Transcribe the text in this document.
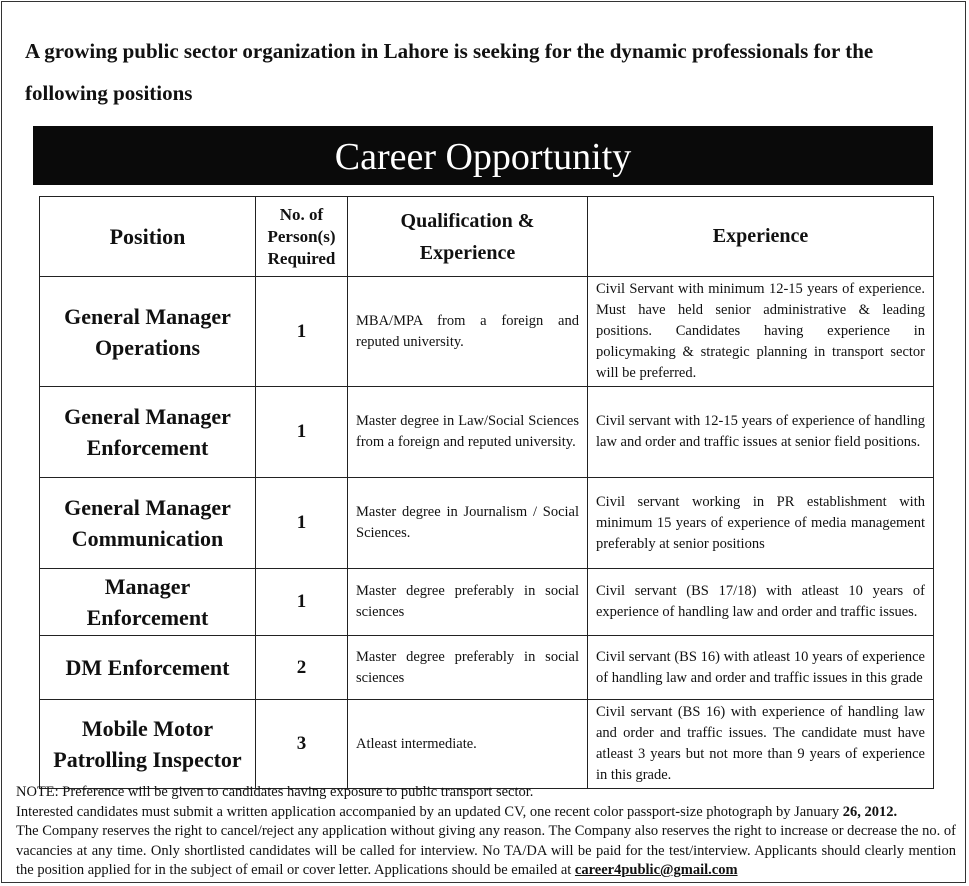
A growing public sector organization in Lahore is seeking for the dynamic professionals for the following positions
Career Opportunity
Position	No. of Person(s) Required	Qualification & Experience	Experience
General Manager Operations	1	MBA/MPA from a foreign and reputed university.	Civil Servant with minimum 12-15 years of experience. Must have held senior administrative & leading positions. Candidates having experience in policymaking & strategic planning in transport sector will be preferred.
General Manager Enforcement	1	Master degree in Law/Social Sciences from a foreign and reputed university.	Civil servant with 12-15 years of experience of handling law and order and traffic issues at senior field positions.
General Manager Communication	1	Master degree in Journalism / Social Sciences.	Civil servant working in PR establishment with minimum 15 years of experience of media management preferably at senior positions
Manager Enforcement	1	Master degree preferably in social sciences	Civil servant (BS 17/18) with atleast 10 years of experience of handling law and order and traffic issues.
DM Enforcement	2	Master degree preferably in social sciences	Civil servant (BS 16) with atleast 10 years of experience of handling law and order and traffic issues in this grade
Mobile Motor Patrolling Inspector	3	Atleast intermediate.	Civil servant (BS 16) with experience of handling law and order and traffic issues. The candidate must have atleast 3 years but not more than 9 years of experience in this grade.
NOTE: Preference will be given to candidates having exposure to public transport sector.
Interested candidates must submit a written application accompanied by an updated CV, one recent color passport-size photograph by January 26, 2012.
The Company reserves the right to cancel/reject any application without giving any reason. The Company also reserves the right to increase or decrease the no. of vacancies at any time. Only shortlisted candidates will be called for interview. No TA/DA will be paid for the test/interview. Applicants should clearly mention the position applied for in the subject of email or cover letter. Applications should be emailed at career4public@gmail.com
